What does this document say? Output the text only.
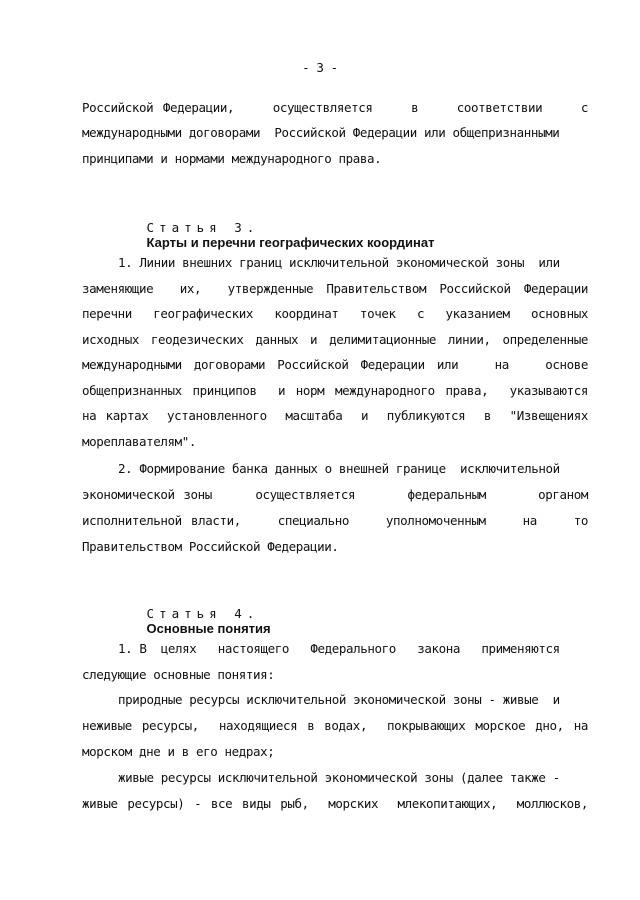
- 3 -
Российской Федерации,    осуществляется    в    соответствии    с
международными договорами  Российской Федерации или общепризнанными
принципами и нормами международного права.

Статья 3.
Карты и перечни географических координат

1. Линии внешних границ исключительной экономической зоны  или
заменяющие  их,  утвержденные Правительством Российской Федерации
перечни  географических  координат  точек  с  указанием  основных
исходных геодезических данных и делимитационные линии, определенные
международными договорами Российской Федерации или   на   основе
общепризнанных принципов  и норм международного права,  указываются
на картах  установленного  масштаба  и  публикуются  в  "Извещениях
мореплавателям".
2. Формирование банка данных о внешней границе  исключительной
экономической зоны     осуществляется      федеральным      органом
исполнительной власти,    специально    уполномоченным    на    то
Правительством Российской Федерации.

Статья 4.
Основные понятия

1. В  целях   настоящего   Федерального   закона   применяются
следующие основные понятия:
природные ресурсы исключительной экономической зоны - живые  и
неживые ресурсы,  находящиеся в водах,  покрывающих морское дно, на
морском дне и в его недрах;
живые ресурсы исключительной экономической зоны (далее также -
живые ресурсы) - все виды рыб,  морских  млекопитающих,  моллюсков,
